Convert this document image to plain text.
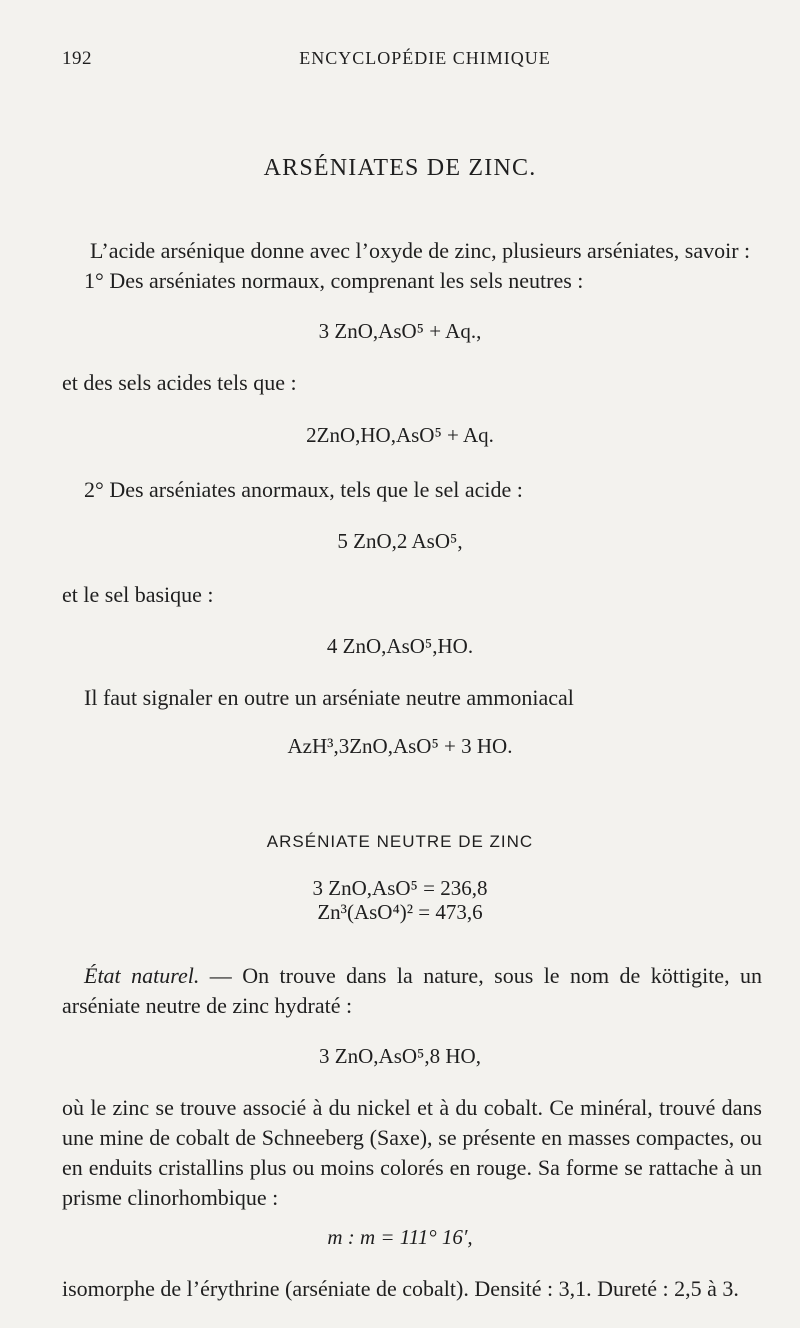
192	ENCYCLOPÉDIE CHIMIQUE
ARSÉNIATES DE ZINC.
L’acide arsénique donne avec l’oxyde de zinc, plusieurs arséniates, savoir :
1° Des arséniates normaux, comprenant les sels neutres :
3 ZnO,AsO⁵ + Aq.,
et des sels acides tels que :
2ZnO,HO,AsO⁵ + Aq.
2° Des arséniates anormaux, tels que le sel acide :
5 ZnO,2 AsO⁵,
et le sel basique :
4 ZnO,AsO⁵,HO.
Il faut signaler en outre un arséniate neutre ammoniacal
AzH³,3ZnO,AsO⁵ + 3 HO.
ARSÉNIATE NEUTRE DE ZINC
3 ZnO,AsO⁵ = 236,8
Zn³(AsO⁴)² = 473,6
État naturel. — On trouve dans la nature, sous le nom de köttigite, un arséniate neutre de zinc hydraté :
3 ZnO,AsO⁵,8 HO,
où le zinc se trouve associé à du nickel et à du cobalt. Ce minéral, trouvé dans une mine de cobalt de Schneeberg (Saxe), se présente en masses compactes, ou en enduits cristallins plus ou moins colorés en rouge. Sa forme se rattache à un prisme clinorhombique :
m : m = 111° 16′,
isomorphe de l’érythrine (arséniate de cobalt). Densité : 3,1. Dureté : 2,5 à 3.
